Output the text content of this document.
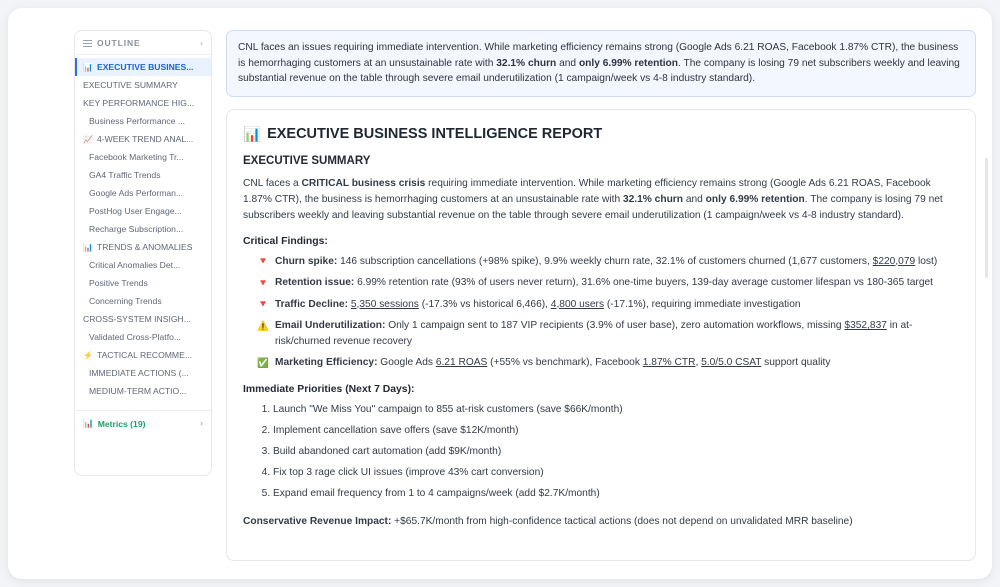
OUTLINE	‹
📊 EXECUTIVE BUSINES...
EXECUTIVE SUMMARY
KEY PERFORMANCE HIG...
Business Performance ...
📈 4-WEEK TREND ANAL...
Facebook Marketing Tr...
GA4 Traffic Trends
Google Ads Performan...
PostHog User Engage...
Recharge Subscription...
📊 TRENDS & ANOMALIES
Critical Anomalies Det...
Positive Trends
Concerning Trends
CROSS-SYSTEM INSIGH...
Validated Cross-Platfo...
⚡ TACTICAL RECOMME...
IMMEDIATE ACTIONS (...
MEDIUM-TERM ACTIO...
📊 Metrics (19)	›
CNL faces an issues requiring immediate intervention. While marketing efficiency remains strong (Google Ads 6.21 ROAS, Facebook 1.87% CTR), the business is hemorrhaging customers at an unsustainable rate with 32.1% churn and only 6.99% retention. The company is losing 79 net subscribers weekly and leaving substantial revenue on the table through severe email underutilization (1 campaign/week vs 4-8 industry standard).
📊 EXECUTIVE BUSINESS INTELLIGENCE REPORT
EXECUTIVE SUMMARY

CNL faces a CRITICAL business crisis requiring immediate intervention. While marketing efficiency remains strong (Google Ads 6.21 ROAS, Facebook 1.87% CTR), the business is hemorrhaging customers at an unsustainable rate with 32.1% churn and only 6.99% retention. The company is losing 79 net subscribers weekly and leaving substantial revenue on the table through severe email underutilization (1 campaign/week vs 4-8 industry standard).

Critical Findings:
🔻 Churn spike: 146 subscription cancellations (+98% spike), 9.9% weekly churn rate, 32.1% of customers churned (1,677 customers, $220,079 lost)
🔻 Retention issue: 6.99% retention rate (93% of users never return), 31.6% one-time buyers, 139-day average customer lifespan vs 180-365 target
🔻 Traffic Decline: 5,350 sessions (-17.3% vs historical 6,466), 4,800 users (-17.1%), requiring immediate investigation
⚠️ Email Underutilization: Only 1 campaign sent to 187 VIP recipients (3.9% of user base), zero automation workflows, missing $352,837 in at-risk/churned revenue recovery
✅ Marketing Efficiency: Google Ads 6.21 ROAS (+55% vs benchmark), Facebook 1.87% CTR, 5.0/5.0 CSAT support quality
Immediate Priorities (Next 7 Days):
1. Launch "We Miss You" campaign to 855 at-risk customers (save $66K/month)
2. Implement cancellation save offers (save $12K/month)
3. Build abandoned cart automation (add $9K/month)
4. Fix top 3 rage click UI issues (improve 43% cart conversion)
5. Expand email frequency from 1 to 4 campaigns/week (add $2.7K/month)

Conservative Revenue Impact: +$65.7K/month from high-confidence tactical actions (does not depend on unvalidated MRR baseline)
